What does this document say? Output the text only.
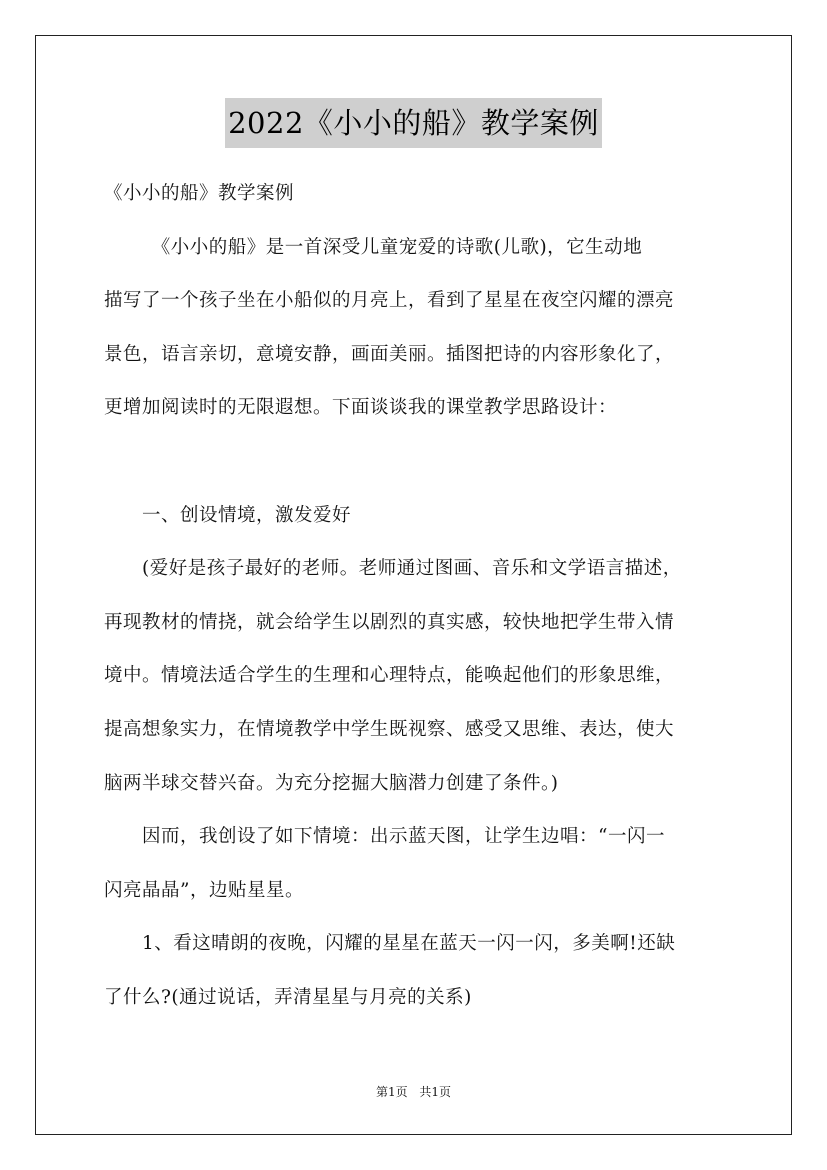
2022《小小的船》教学案例
《小小的船》教学案例
　　　《小小的船》是一首深受儿童宠爱的诗歌(儿歌)，它生动地
描写了一个孩子坐在小船似的月亮上，看到了星星在夜空闪耀的漂亮
景色，语言亲切，意境安静，画面美丽。插图把诗的内容形象化了，
更增加阅读时的无限遐想。下面谈谈我的课堂教学思路设计：
　　一、创设情境，激发爱好
　　(爱好是孩子最好的老师。老师通过图画、音乐和文学语言描述，
再现教材的情挠，就会给学生以剧烈的真实感，较快地把学生带入情
境中。情境法适合学生的生理和心理特点，能唤起他们的形象思维，
提高想象实力，在情境教学中学生既视察、感受又思维、表达，使大
脑两半球交替兴奋。为充分挖掘大脑潜力创建了条件。)
　　因而，我创设了如下情境：出示蓝天图，让学生边唱：“一闪一
闪亮晶晶”，边贴星星。
　　1、看这晴朗的夜晚，闪耀的星星在蓝天一闪一闪，多美啊!还缺
了什么?(通过说话，弄清星星与月亮的关系)
第1页 共1页
